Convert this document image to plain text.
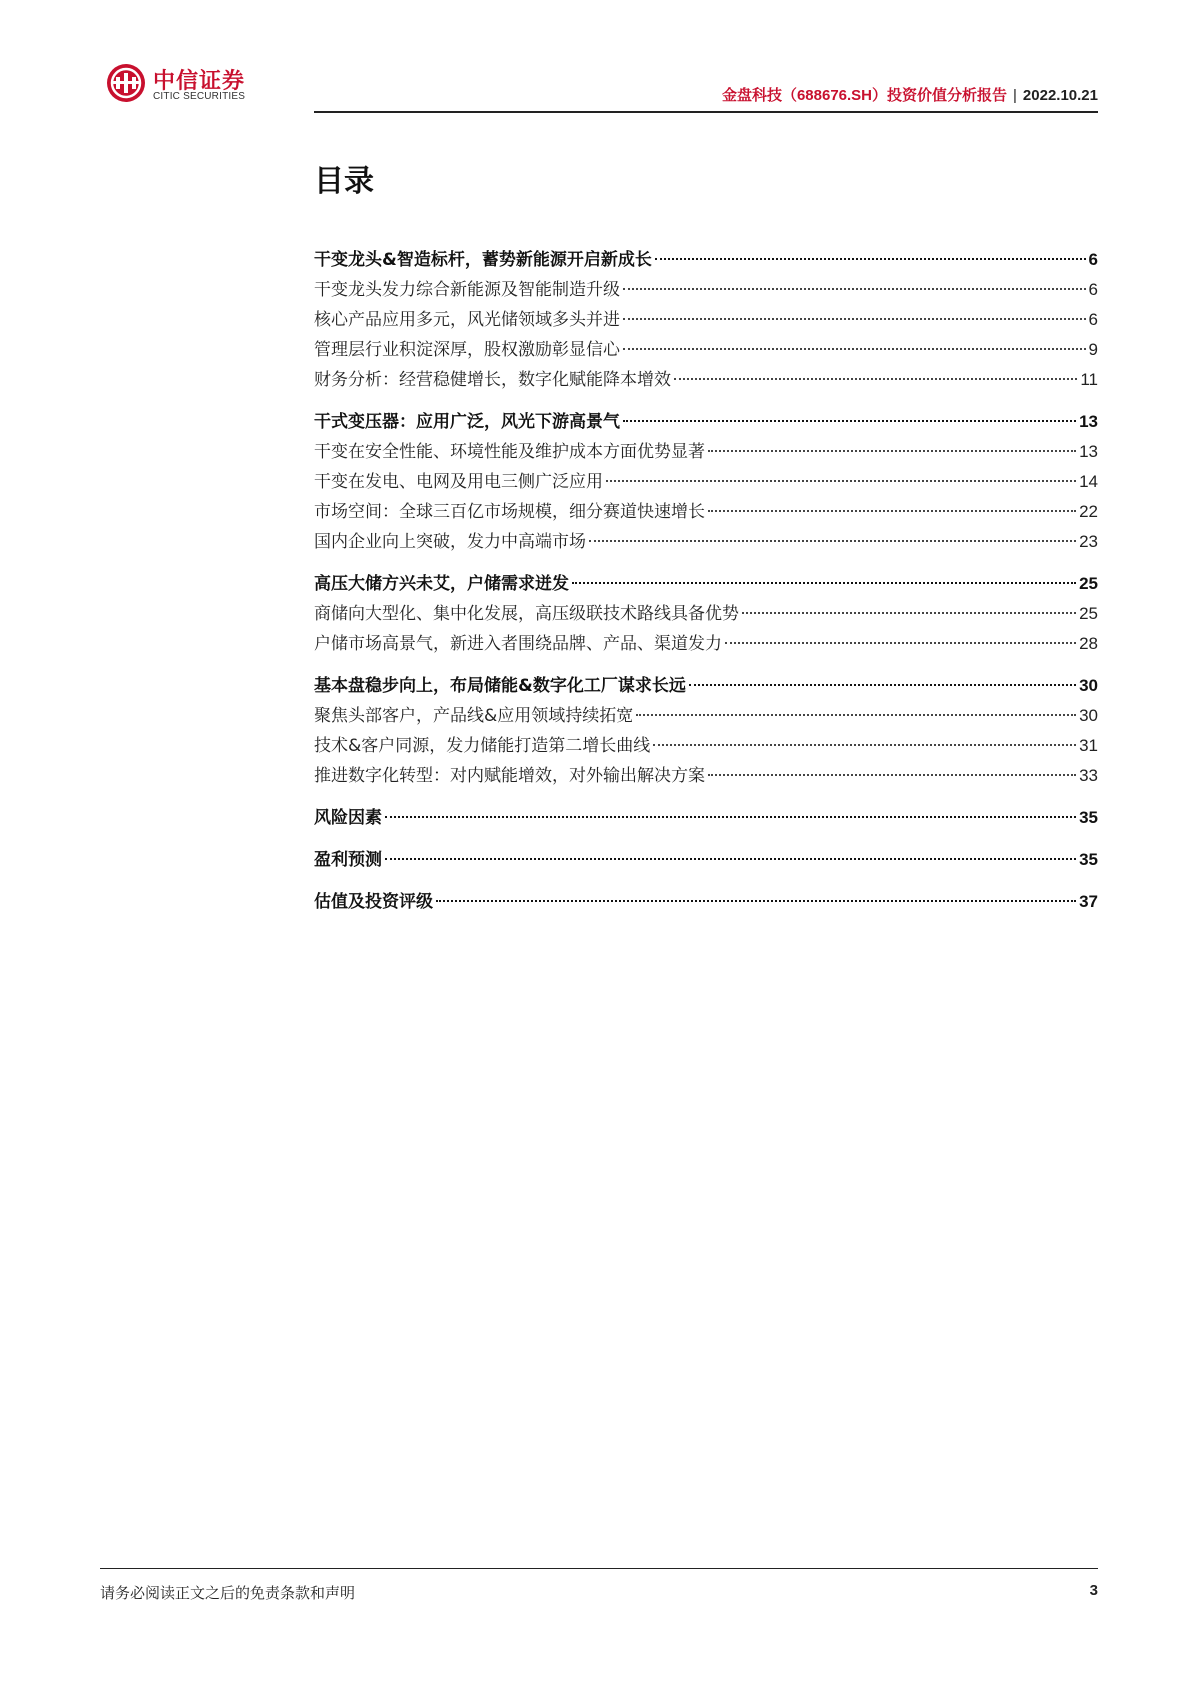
中信证券
CITIC SECURITIES	金盘科技（688676.SH）投资价值分析报告 | 2022.10.21
目录
干变龙头&智造标杆，蓄势新能源开启新成长	6
干变龙头发力综合新能源及智能制造升级	6
核心产品应用多元，风光储领域多头并进	6
管理层行业积淀深厚，股权激励彰显信心	9
财务分析：经营稳健增长，数字化赋能降本增效	11
干式变压器：应用广泛，风光下游高景气	13
干变在安全性能、环境性能及维护成本方面优势显著	13
干变在发电、电网及用电三侧广泛应用	14
市场空间：全球三百亿市场规模，细分赛道快速增长	22
国内企业向上突破，发力中高端市场	23
高压大储方兴未艾，户储需求迸发	25
商储向大型化、集中化发展，高压级联技术路线具备优势	25
户储市场高景气，新进入者围绕品牌、产品、渠道发力	28
基本盘稳步向上，布局储能&数字化工厂谋求长远	30
聚焦头部客户，产品线&应用领域持续拓宽	30
技术&客户同源，发力储能打造第二增长曲线	31
推进数字化转型：对内赋能增效，对外输出解决方案	33
风险因素	35
盈利预测	35
估值及投资评级	37
请务必阅读正文之后的免责条款和声明	3
